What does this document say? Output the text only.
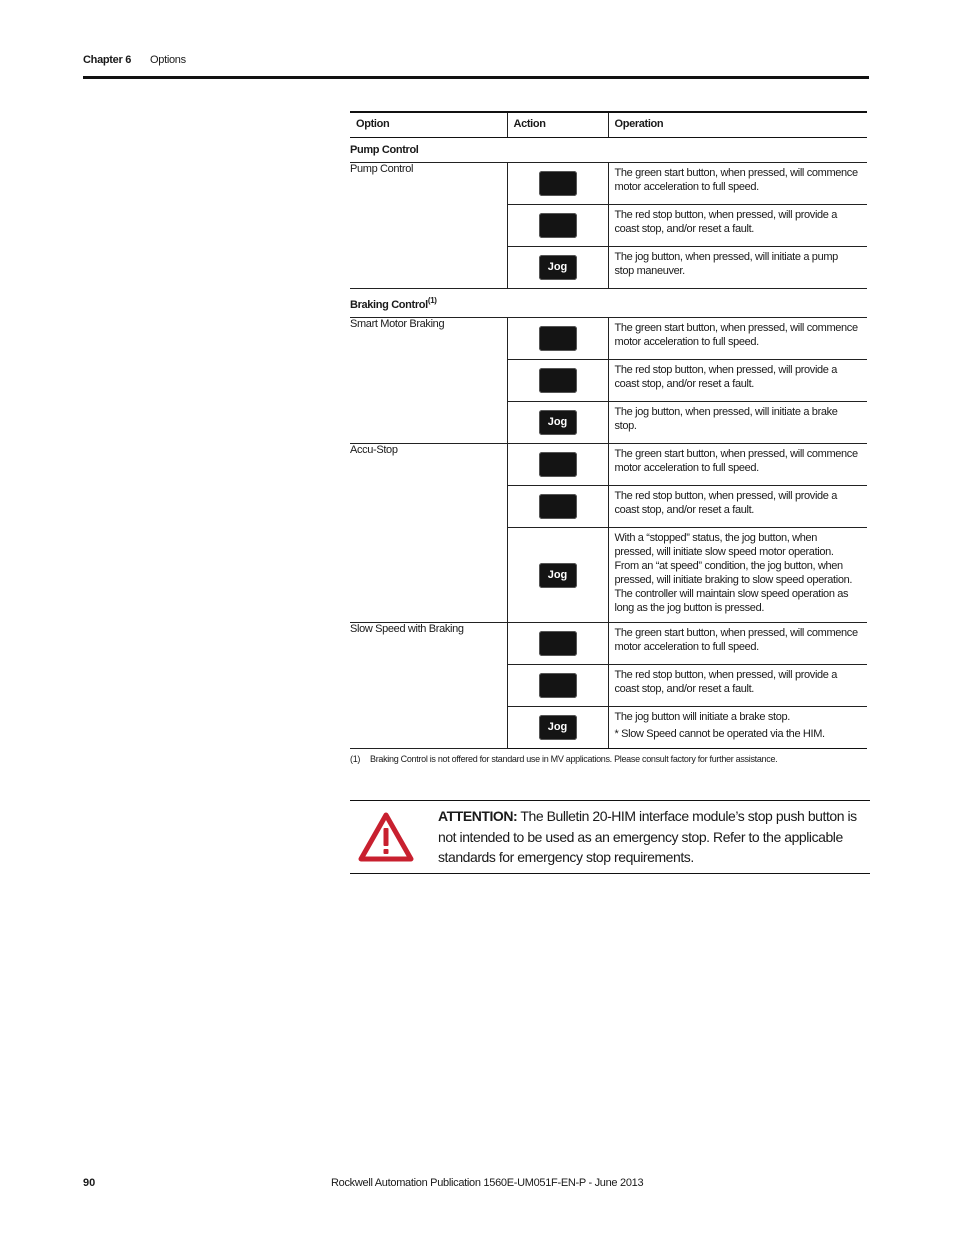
Chapter 6 Options
Option	Action	Operation
Pump Control		
Pump Control		The green start button, when pressed, will commence motor acceleration to full speed.
		The red stop button, when pressed, will provide a coast stop, and/or reset a fault.
	Jog	The jog button, when pressed, will initiate a pump stop maneuver.
Braking Control$^{(1)}$
Smart Motor Braking		The green start button, when pressed, will commence motor acceleration to full speed.
		The red stop button, when pressed, will provide a coast stop, and/or reset a fault.
	Jog	The jog button, when pressed, will initiate a brake stop.
Accu-Stop		The green start button, when pressed, will commence motor acceleration to full speed.
		The red stop button, when pressed, will provide a coast stop, and/or reset a fault.
	Jog	With a “stopped” status, the jog button, when pressed, will initiate slow speed motor operation. From an “at speed” condition, the jog button, when pressed, will initiate braking to slow speed operation. The controller will maintain slow speed operation as long as the jog button is pressed.
Slow Speed with Braking		The green start button, when pressed, will commence motor acceleration to full speed.
		The red stop button, when pressed, will provide a coast stop, and/or reset a fault.
	Jog	The jog button will initiate a brake stop.
* Slow Speed cannot be operated via the HIM.
(1) Braking Control is not offered for standard use in MV applications. Please consult factory for further assistance.
ATTENTION: The Bulletin 20-HIM interface module’s stop push button is not intended to be used as an emergency stop. Refer to the applicable standards for emergency stop requirements.
90	Rockwell Automation Publication 1560E-UM051F-EN-P - June 2013
